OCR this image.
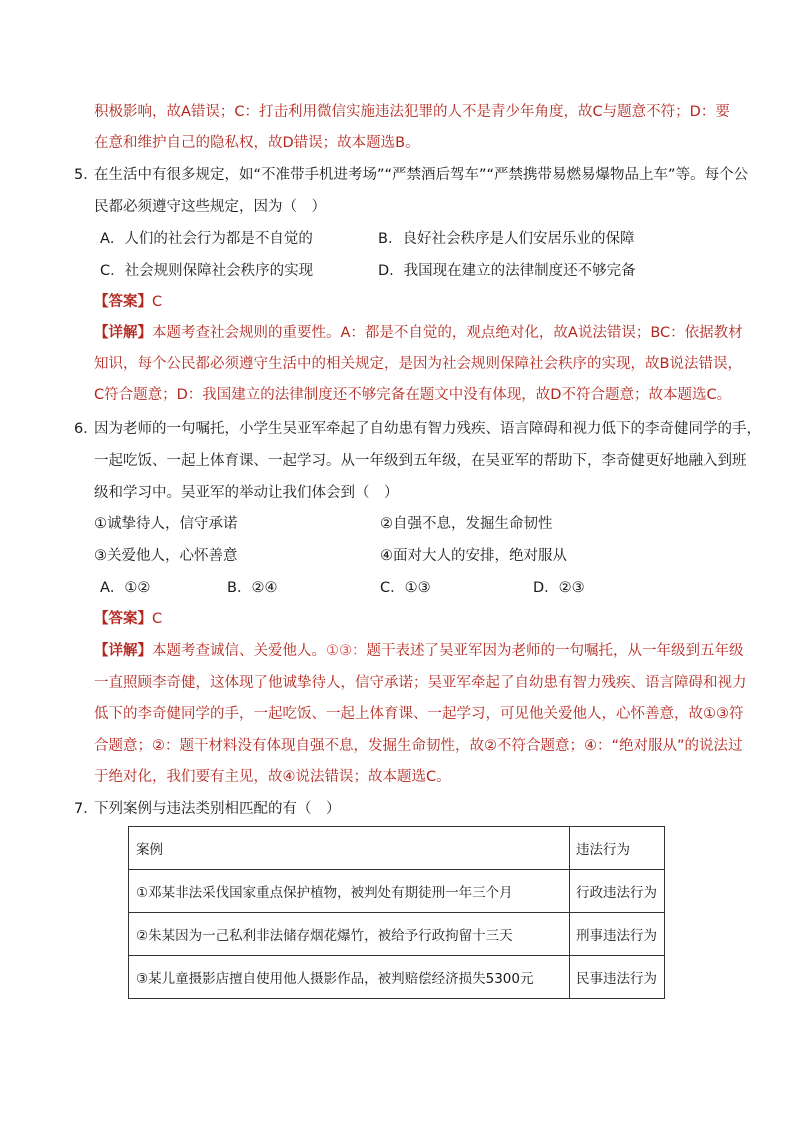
积极影响，故A错误；C：打击利用微信实施违法犯罪的人不是青少年角度，故C与题意不符；D：要
在意和维护自己的隐私权，故D错误；故本题选B。
5．
在生活中有很多规定，如“不准带手机进考场”“严禁酒后驾车”“严禁携带易燃易爆物品上车”等。每个公
民都必须遵守这些规定，因为（　）
A．人们的社会行为都是不自觉的	B．良好社会秩序是人们安居乐业的保障
C．社会规则保障社会秩序的实现	D．我国现在建立的法律制度还不够完备
【答案】C
【详解】本题考查社会规则的重要性。A：都是不自觉的，观点绝对化，故A说法错误；BC：依据教材
知识，每个公民都必须遵守生活中的相关规定，是因为社会规则保障社会秩序的实现，故B说法错误，
C符合题意；D：我国建立的法律制度还不够完备在题文中没有体现，故D不符合题意；故本题选C。
6．
因为老师的一句嘱托，小学生吴亚军牵起了自幼患有智力残疾、语言障碍和视力低下的李奇健同学的手，
一起吃饭、一起上体育课、一起学习。从一年级到五年级，在吴亚军的帮助下，李奇健更好地融入到班
级和学习中。吴亚军的举动让我们体会到（　）
①诚挚待人，信守承诺	②自强不息，发掘生命韧性
③关爱他人，心怀善意	④面对大人的安排，绝对服从
A．①②	B．②④	C．①③	D．②③
【答案】C
【详解】本题考查诚信、关爱他人。①③：题干表述了吴亚军因为老师的一句嘱托，从一年级到五年级
一直照顾李奇健，这体现了他诚挚待人，信守承诺；吴亚军牵起了自幼患有智力残疾、语言障碍和视力
低下的李奇健同学的手，一起吃饭、一起上体育课、一起学习，可见他关爱他人，心怀善意，故①③符
合题意；②：题干材料没有体现自强不息，发掘生命韧性，故②不符合题意；④：“绝对服从”的说法过
于绝对化，我们要有主见，故④说法错误；故本题选C。
7．
下列案例与违法类别相匹配的有（　）
案例	违法行为
①邓某非法采伐国家重点保护植物，被判处有期徒刑一年三个月	行政违法行为
②朱某因为一己私利非法储存烟花爆竹，被给予行政拘留十三天	刑事违法行为
③某儿童摄影店擅自使用他人摄影作品，被判赔偿经济损失5300元	民事违法行为
